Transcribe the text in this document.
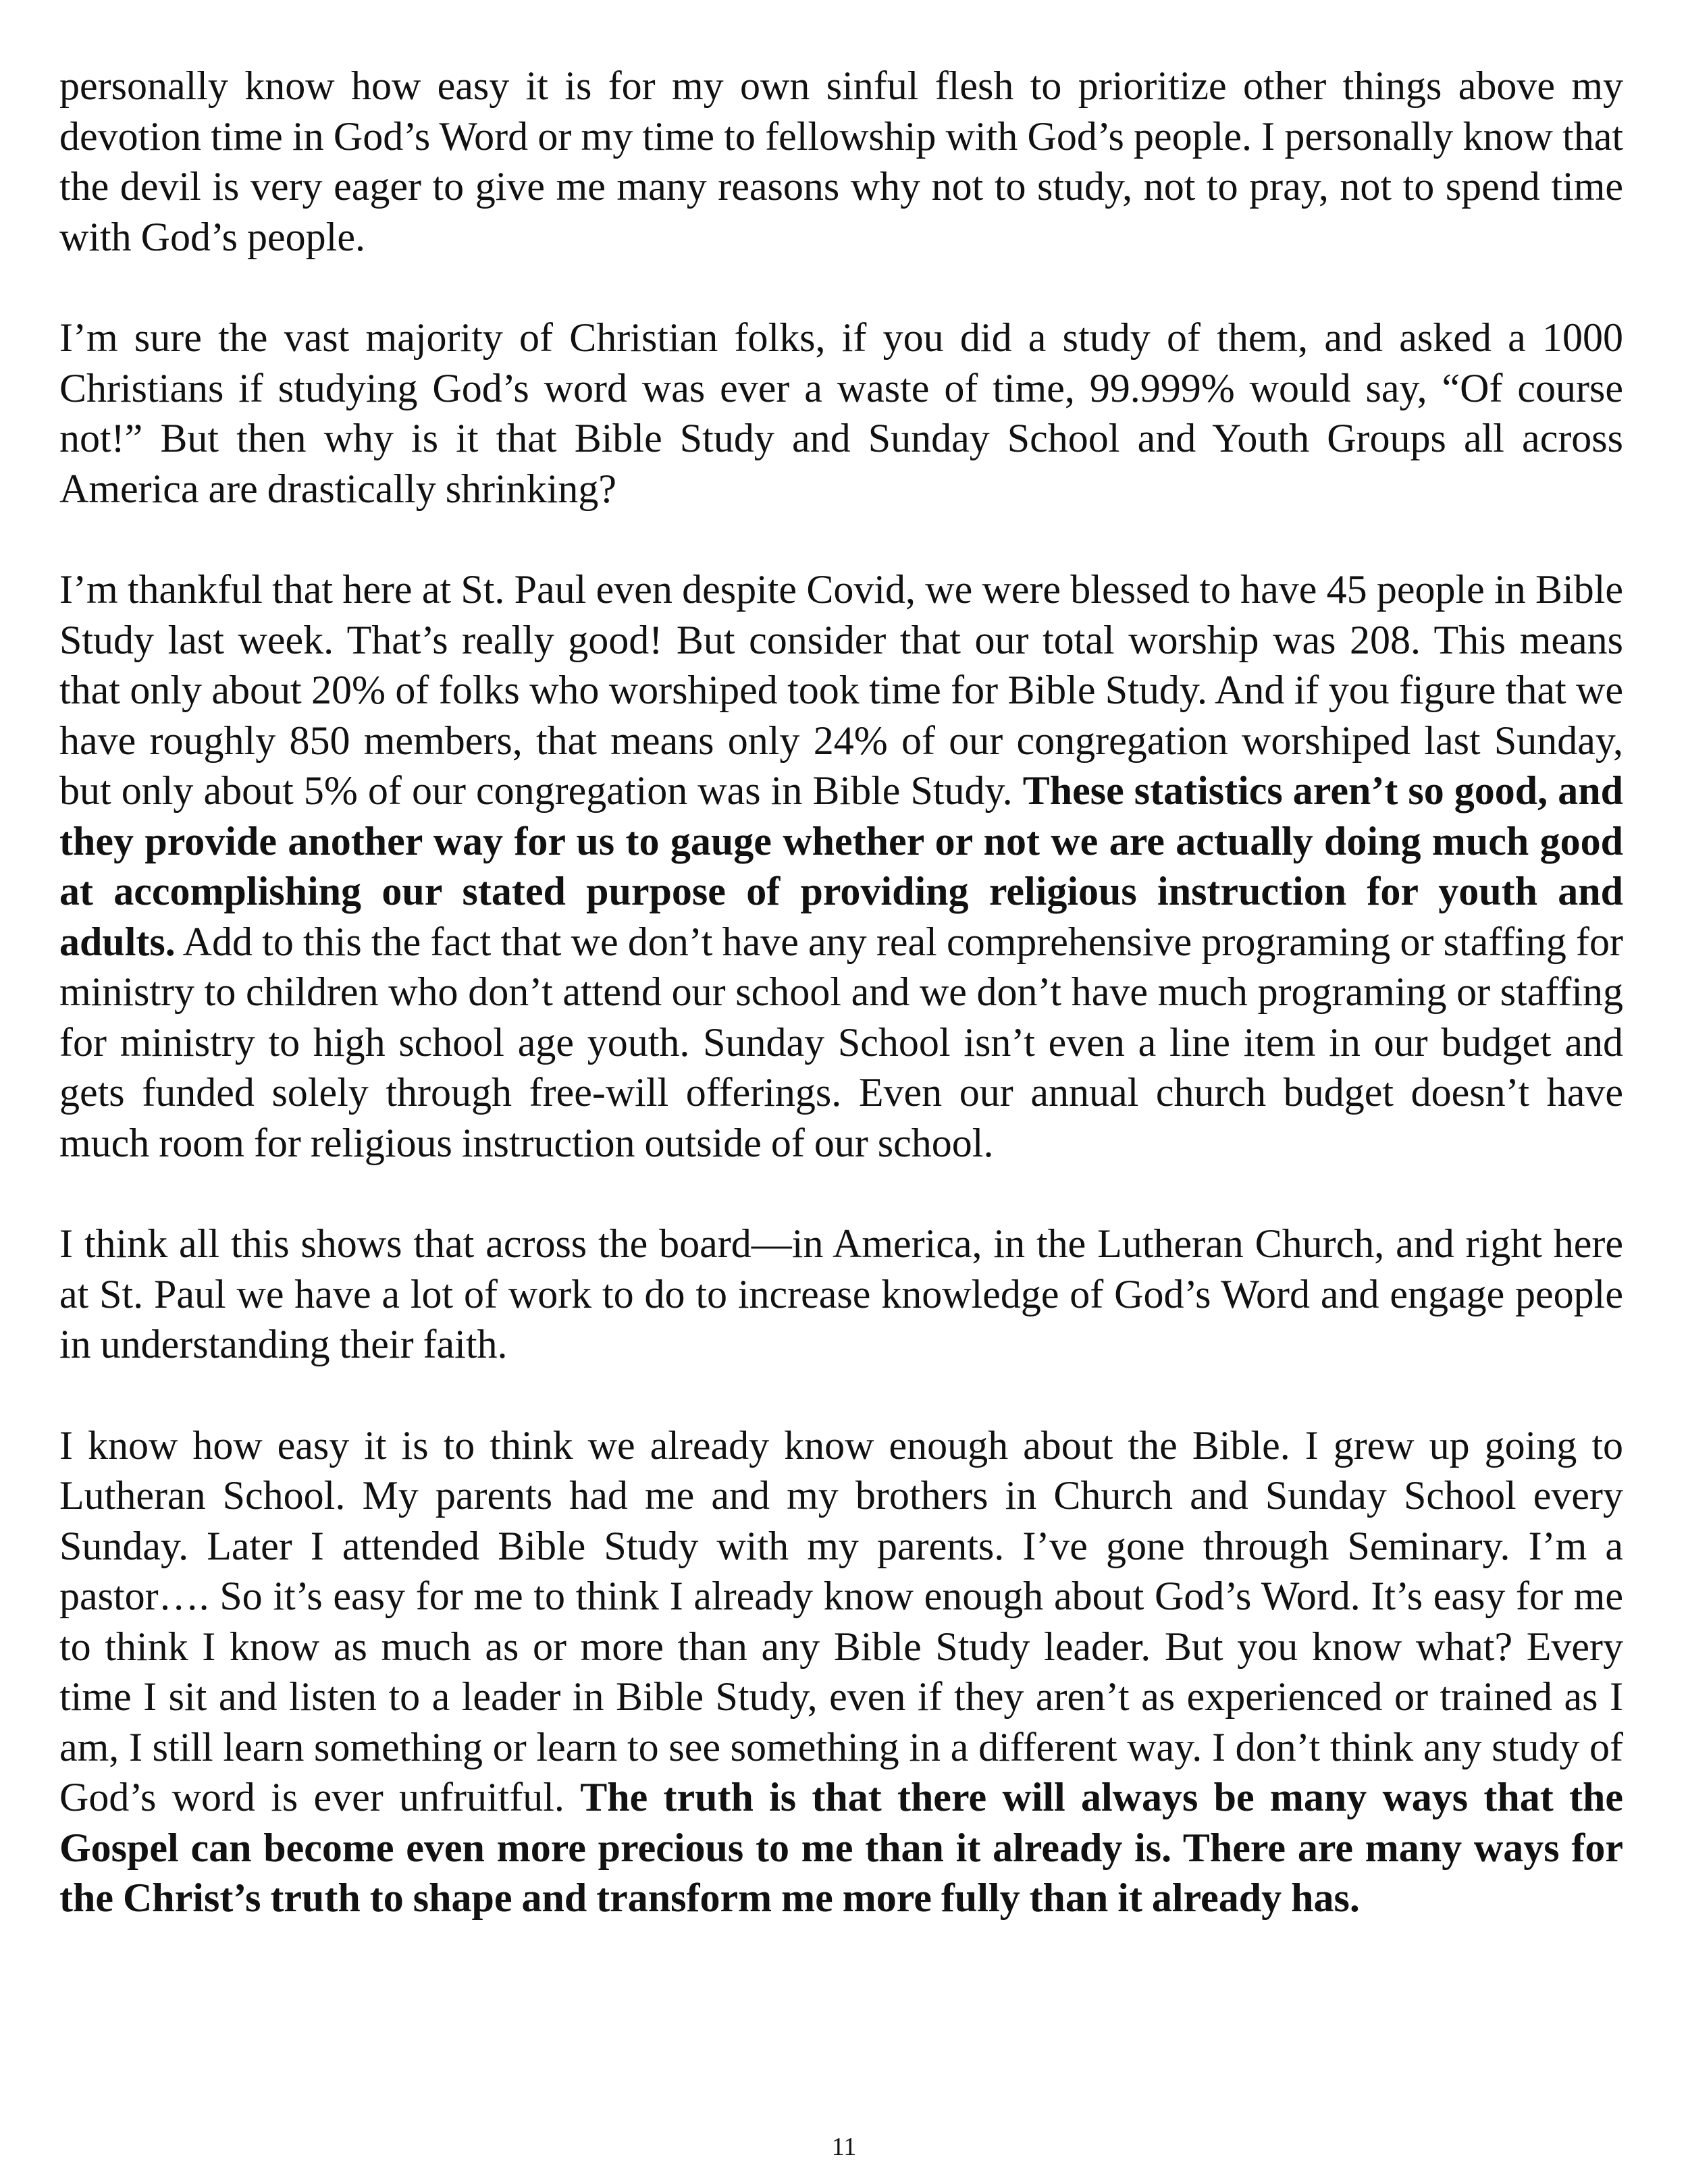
personally know how easy it is for my own sinful flesh to prioritize other things above my devotion time in God’s Word or my time to fellowship with God’s people. I personally know that the devil is very eager to give me many reasons why not to study, not to pray, not to spend time with God’s people.

I’m sure the vast majority of Christian folks, if you did a study of them, and asked a 1000 Christians if studying God’s word was ever a waste of time, 99.999% would say, “Of course not!” But then why is it that Bible Study and Sunday School and Youth Groups all across America are drastically shrinking?

I’m thankful that here at St. Paul even despite Covid, we were blessed to have 45 people in Bible Study last week. That’s really good! But consider that our total worship was 208. This means that only about 20% of folks who worshiped took time for Bible Study. And if you figure that we have roughly 850 members, that means only 24% of our congregation worshiped last Sunday, but only about 5% of our congregation was in Bible Study. These statistics aren’t so good, and they provide another way for us to gauge whether or not we are actually doing much good at accomplishing our stated purpose of providing religious instruction for youth and adults. Add to this the fact that we don’t have any real comprehensive programing or staffing for ministry to children who don’t attend our school and we don’t have much programing or staffing for ministry to high school age youth. Sunday School isn’t even a line item in our budget and gets funded solely through free-will offerings. Even our annual church budget doesn’t have much room for religious instruction outside of our school.

I think all this shows that across the board—in America, in the Lutheran Church, and right here at St. Paul we have a lot of work to do to increase knowledge of God’s Word and engage people in understanding their faith.

I know how easy it is to think we already know enough about the Bible. I grew up going to Lutheran School. My parents had me and my brothers in Church and Sunday School every Sunday. Later I attended Bible Study with my parents. I’ve gone through Seminary. I’m a pastor…. So it’s easy for me to think I already know enough about God’s Word. It’s easy for me to think I know as much as or more than any Bible Study leader. But you know what? Every time I sit and listen to a leader in Bible Study, even if they aren’t as experienced or trained as I am, I still learn something or learn to see something in a different way. I don’t think any study of God’s word is ever unfruitful. The truth is that there will always be many ways that the Gospel can become even more precious to me than it already is. There are many ways for the Christ’s truth to shape and transform me more fully than it already has.

11
